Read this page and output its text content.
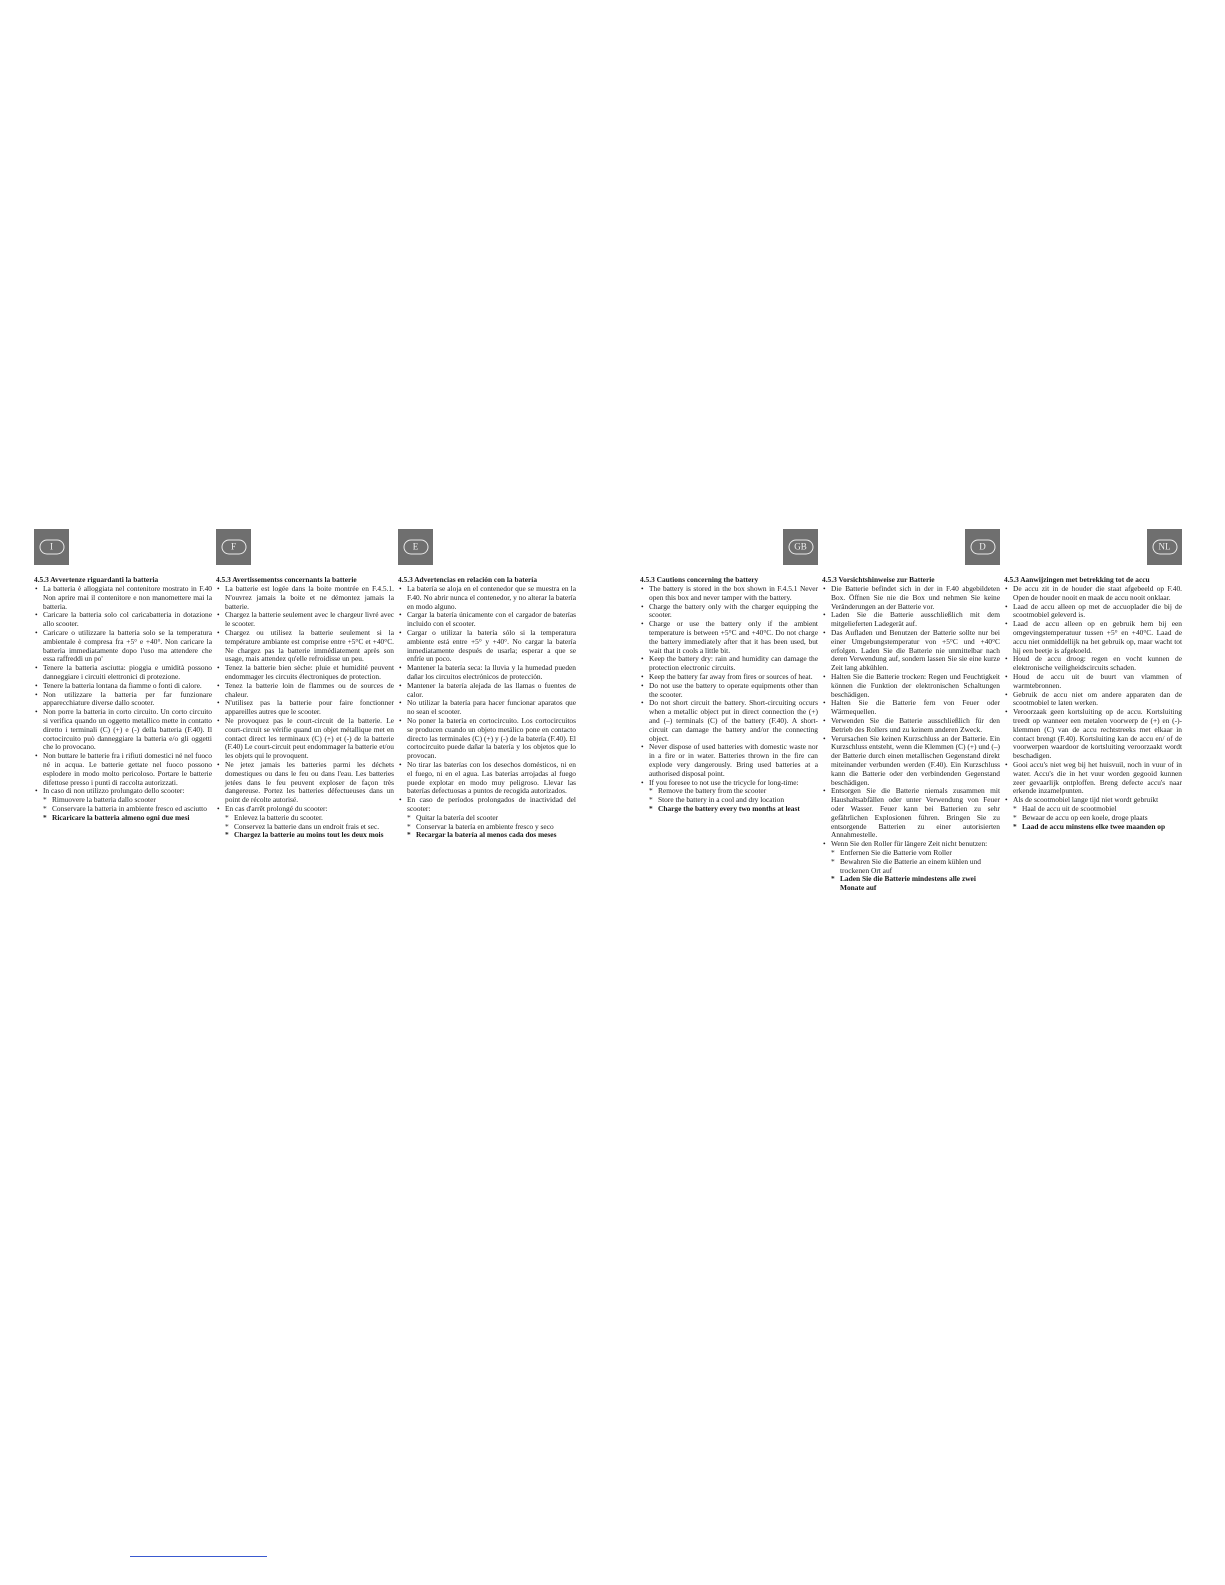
I
4.5.3 Avvertenze riguardanti la batteria
• La batteria è alloggiata nel contenitore mostrato in F.40 Non aprire mai il contenitore e non manomettere mai la batteria.
• Caricare la batteria solo col caricabatteria in dotazione allo scooter.
• Caricare o utilizzare la batteria solo se la temperatura ambientale è compresa fra +5° e +40°. Non caricare la batteria immediatamente dopo l'uso ma attendere che essa raffreddi un po'
• Tenere la batteria asciutta: pioggia e umidità possono danneggiare i circuiti elettronici di protezione.
• Tenere la batteria lontana da fiamme o fonti di calore.
• Non utilizzare la batteria per far funzionare apparecchiature diverse dallo scooter.
• Non porre la batteria in corto circuito. Un corto circuito si verifica quando un oggetto metallico mette in contatto diretto i terminali (C) (+) e (-) della batteria (F.40). Il cortocircuito può danneggiare la batteria e/o gli oggetti che lo provocano.
• Non buttare le batterie fra i rifiuti domestici né nel fuoco né in acqua. Le batterie gettate nel fuoco possono esplodere in modo molto pericoloso. Portare le batterie difettose presso i punti di raccolta autorizzati.
• In caso di non utilizzo prolungato dello scooter:
* Rimuovere la batteria dallo scooter
* Conservare la batteria in ambiente fresco ed asciutto
* Ricaricare la batteria almeno ogni due mesi
F
4.5.3 Avertissementss concernants la batterie
• La batterie est logée dans la boite montrée en F.4.5.1. N'ouvrez jamais la boite et ne démontez jamais la batterie.
• Chargez la batterie seulement avec le chargeur livré avec le scooter.
• Chargez ou utilisez la batterie seulement si la température ambiante est comprise entre +5°C et +40°C. Ne chargez pas la batterie immédiatement après son usage, mais attendez qu'elle refroidisse un peu.
• Tenez la batterie bien sèche: pluie et humidité peuvent endommager les circuits électroniques de protection.
• Tenez la batterie loin de flammes ou de sources de chaleur.
• N'utilisez pas la batterie pour faire fonctionner appareilles autres que le scooter.
• Ne provoquez pas le court-circuit de la batterie. Le court-circuit se vérifie quand un objet métallique met en contact direct les terminaux (C) (+) et (-) de la batterie (F.40) Le court-circuit peut endommager la batterie et/ou les objets qui le provoquent.
• Ne jetez jamais les batteries parmi les déchets domestiques ou dans le feu ou dans l'eau. Les batteries jetées dans le feu peuvent exploser de façon très dangereuse. Portez les batteries défectueuses dans un point de récolte autorisé.
• En cas d'arrêt prolongé du scooter:
* Enlevez la batterie du scooter.
* Conservez la batterie dans un endroit frais et sec.
* Chargez la batterie au moins tout les deux mois
E
4.5.3 Advertencias en relación con la batería
• La batería se aloja en el contenedor que se muestra en la F.40. No abrir nunca el contenedor, y no alterar la batería en modo alguno.
• Cargar la batería únicamente con el cargador de baterías incluido con el scooter.
• Cargar o utilizar la batería sólo si la temperatura ambiente está entre +5° y +40°. No cargar la batería inmediatamente después de usarla; esperar a que se enfríe un poco.
• Mantener la batería seca: la lluvia y la humedad pueden dañar los circuitos electrónicos de protección.
• Mantener la batería alejada de las llamas o fuentes de calor.
• No utilizar la batería para hacer funcionar aparatos que no sean el scooter.
• No poner la batería en cortocircuito. Los cortocircuitos se producen cuando un objeto metálico pone en contacto directo las terminales (C) (+) y (-) de la batería (F.40). El cortocircuito puede dañar la batería y los objetos que lo provocan.
• No tirar las baterías con los desechos domésticos, ni en el fuego, ni en el agua. Las baterías arrojadas al fuego puede explotar en modo muy peligroso. Llevar las baterías defectuosas a puntos de recogida autorizados.
• En caso de períodos prolongados de inactividad del scooter:
* Quitar la batería del scooter
* Conservar la batería en ambiente fresco y seco
* Recargar la batería al menos cada dos meses
GB
4.5.3 Cautions concerning the battery
• The battery is stored in the box shown in F.4.5.1 Never open this box and never tamper with the battery.
• Charge the battery only with the charger equipping the scooter.
• Charge or use the battery only if the ambient temperature is between +5°C and +40°C. Do not charge the battery immediately after that it has been used, but wait that it cools a little bit.
• Keep the battery dry: rain and humidity can damage the protection electronic circuits.
• Keep the battery far away from fires or sources of heat.
• Do not use the battery to operate equipments other than the scooter.
• Do not short circuit the battery. Short-circuiting occurs when a metallic object put in direct connection the (+) and (–) terminals (C) of the battery (F.40). A short-circuit can damage the battery and/or the connecting object.
• Never dispose of used batteries with domestic waste nor in a fire or in water. Batteries thrown in the fire can explode very dangerously. Bring used batteries at a authorised disposal point.
• If you foresee to not use the tricycle for long-time:
* Remove the battery from the scooter
* Store the battery in a cool and dry location
* Charge the battery every two months at least
D
4.5.3 Vorsichtshinweise zur Batterie
• Die Batterie befindet sich in der in F.40 abgebildeten Box. Öffnen Sie nie die Box und nehmen Sie keine Veränderungen an der Batterie vor.
• Laden Sie die Batterie ausschließlich mit dem mitgelieferten Ladegerät auf.
• Das Aufladen und Benutzen der Batterie sollte nur bei einer Umgebungstemperatur von +5°C und +40°C erfolgen. Laden Sie die Batterie nie unmittelbar nach deren Verwendung auf, sondern lassen Sie sie eine kurze Zeit lang abkühlen.
• Halten Sie die Batterie trocken: Regen und Feuchtigkeit können die Funktion der elektronischen Schaltungen beschädigen.
• Halten Sie die Batterie fern von Feuer oder Wärmequellen.
• Verwenden Sie die Batterie ausschließlich für den Betrieb des Rollers und zu keinem anderen Zweck.
• Verursachen Sie keinen Kurzschluss an der Batterie. Ein Kurzschluss entsteht, wenn die Klemmen (C) (+) und (–) der Batterie durch einen metallischen Gegenstand direkt miteinander verbunden werden (F.40). Ein Kurzschluss kann die Batterie oder den verbindenden Gegenstand beschädigen.
• Entsorgen Sie die Batterie niemals zusammen mit Haushaltsabfällen oder unter Verwendung von Feuer oder Wasser. Feuer kann bei Batterien zu sehr gefährlichen Explosionen führen. Bringen Sie zu entsorgende Batterien zu einer autorisierten Annahmestelle.
• Wenn Sie den Roller für längere Zeit nicht benutzen:
* Entfernen Sie die Batterie vom Roller
* Bewahren Sie die Batterie an einem kühlen und trockenen Ort auf
* Laden Sie die Batterie mindestens alle zwei Monate auf
NL
4.5.3 Aanwijzingen met betrekking tot de accu
• De accu zit in de houder die staat afgebeeld op F.40. Open de houder nooit en maak de accu nooit onklaar.
• Laad de accu alleen op met de accuoplader die bij de scootmobiel geleverd is.
• Laad de accu alleen op en gebruik hem bij een omgevingstemperatuur tussen +5° en +40°C. Laad de accu niet onmiddellijk na het gebruik op, maar wacht tot hij een beetje is afgekoeld.
• Houd de accu droog: regen en vocht kunnen de elektronische veiligheidscircuits schaden.
• Houd de accu uit de buurt van vlammen of warmtebronnen.
• Gebruik de accu niet om andere apparaten dan de scootmobiel te laten werken.
• Veroorzaak geen kortsluiting op de accu. Kortsluiting treedt op wanneer een metalen voorwerp de (+) en (-)-klemmen (C) van de accu rechtstreeks met elkaar in contact brengt (F.40). Kortsluiting kan de accu en/ of de voorwerpen waardoor de kortsluiting veroorzaakt wordt beschadigen.
• Gooi accu's niet weg bij het huisvuil, noch in vuur of in water. Accu's die in het vuur worden gegooid kunnen zeer gevaarlijk ontploffen. Breng defecte accu's naar erkende inzamelpunten.
• Als de scootmobiel lange tijd niet wordt gebruikt
* Haal de accu uit de scootmobiel
* Bewaar de accu op een koele, droge plaats
* Laad de accu minstens elke twee maanden op
